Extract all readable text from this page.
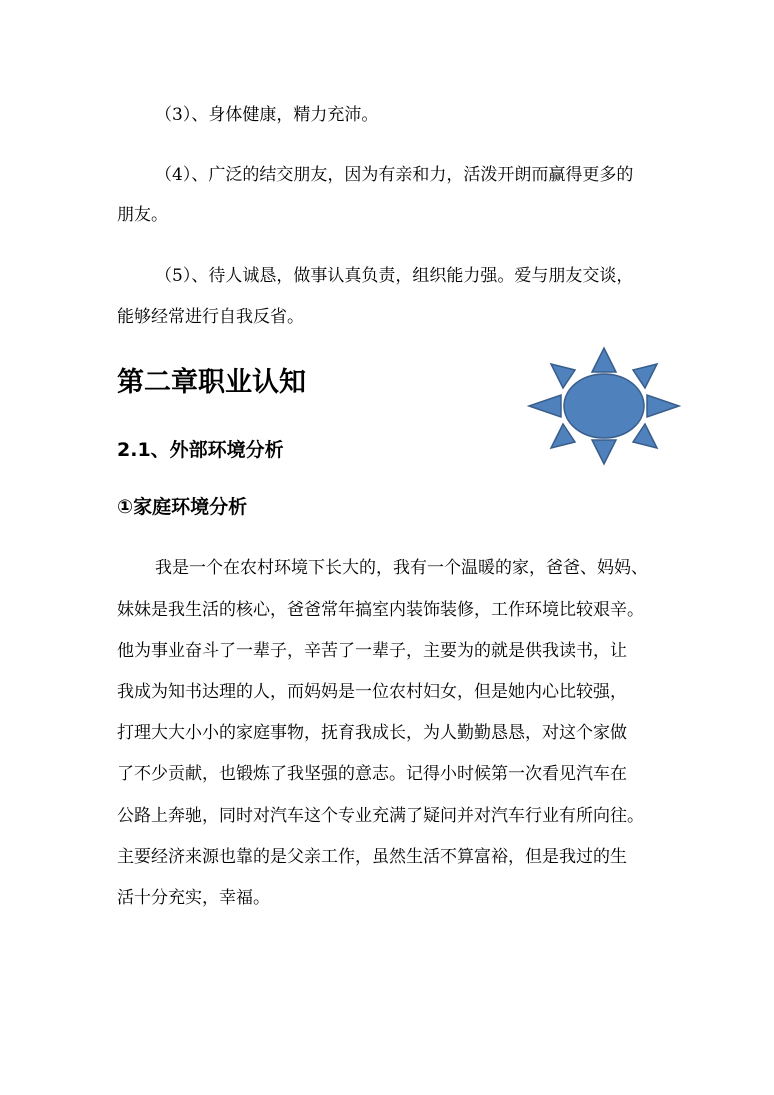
（3）、身体健康，精力充沛。
（4）、广泛的结交朋友，因为有亲和力，活泼开朗而赢得更多的
朋友。
（5）、待人诚恳，做事认真负责，组织能力强。爱与朋友交谈，
能够经常进行自我反省。
第二章职业认知
2.1、外部环境分析
①家庭环境分析
我是一个在农村环境下长大的，我有一个温暖的家，爸爸、妈妈、
妹妹是我生活的核心，爸爸常年搞室内装饰装修，工作环境比较艰辛。
他为事业奋斗了一辈子，辛苦了一辈子，主要为的就是供我读书，让
我成为知书达理的人，而妈妈是一位农村妇女，但是她内心比较强，
打理大大小小的家庭事物，抚育我成长，为人勤勤恳恳，对这个家做
了不少贡献，也锻炼了我坚强的意志。记得小时候第一次看见汽车在
公路上奔驰，同时对汽车这个专业充满了疑问并对汽车行业有所向往。
主要经济来源也靠的是父亲工作，虽然生活不算富裕，但是我过的生
活十分充实，幸福。
